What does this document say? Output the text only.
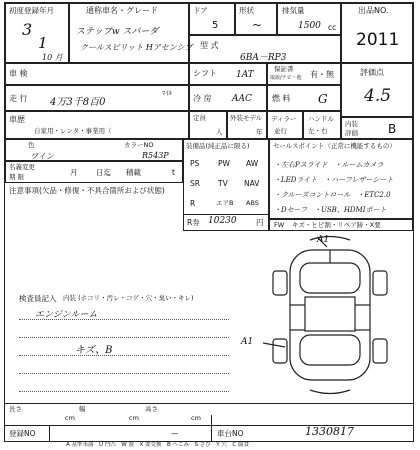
初度登録年月
3
1
10 月
通称車名・グレード
ステップw スパーダ
クールスピリット Hアセンシブ
ドア
5
形状
~
排気量
1500 cc
型 式
6BA－RP3
出品NO.
2011
車 検	シフト 1AT
保証書
取説/ナビ・他 有・無
走 行 4万3千8百0
ﾏｲﾙ
冷 房 AAC	燃 料 G
車歴
自家用・レンタ・事業用（
定員
人
外装モデル
年
ディラー
並行
ハンドル
左・右
評価点
4.5
内装
評価	B
色
ワイン
カラーNO
R543P
名義変更
期 限	月 日迄 積載	t
注意事項(欠品・修復・不具合箇所および状態)
装備品(純正品に限る)
PS PW AW
SR TV NAV
R	エアB ABS
R券 10230	円
セールスポイント（正常に機能するもの）
・左右Pスライド　・ルームカメラ
・LEDライト　・ハーフレザーシート
・クルーズコントロール　・ETC2.0
・Dセーフ　・USB、HDMIポート
FW キズ・ヒビ割・リペア跡・X要
検査員記入 内装 (ホコリ・汚レ・コゲ・穴・臭い・キレ)
エンジンルーム
キズ、B
A1
A1
長さ
cm
幅
cm
高さ
cm
登録NO	—	車台NO	1330817
A 基準未満　U 凹凸　W 波　X 要交換　B へこみ　S さび　Y 穴　C 腐食
